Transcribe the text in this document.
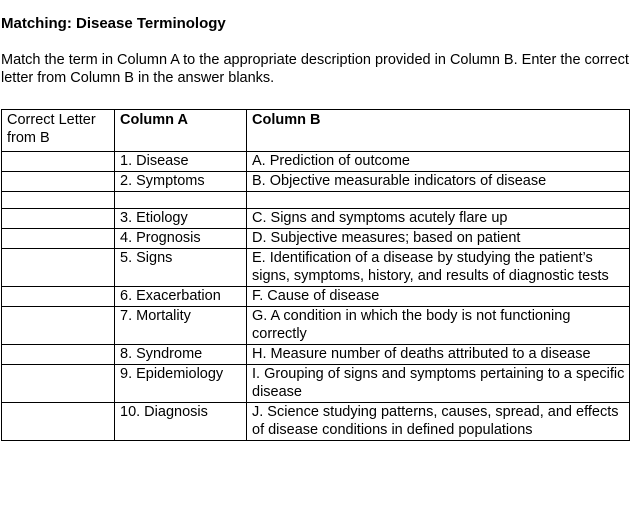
Matching: Disease Terminology
Match the term in Column A to the appropriate description provided in Column B. Enter the correct letter from Column B in the answer blanks.
Correct Letter from B	Column A	Column B
	1. Disease	A. Prediction of outcome
	2. Symptoms	B. Objective measurable indicators of disease

	3. Etiology	C. Signs and symptoms acutely flare up
	4. Prognosis	D. Subjective measures; based on patient
	5. Signs	E. Identification of a disease by studying the patient’s signs, symptoms, history, and results of diagnostic tests
	6. Exacerbation	F. Cause of disease
	7. Mortality	G. A condition in which the body is not functioning correctly
	8. Syndrome	H. Measure number of deaths attributed to a disease
	9. Epidemiology	I. Grouping of signs and symptoms pertaining to a specific disease
	10. Diagnosis	J. Science studying patterns, causes, spread, and effects of disease conditions in defined populations
